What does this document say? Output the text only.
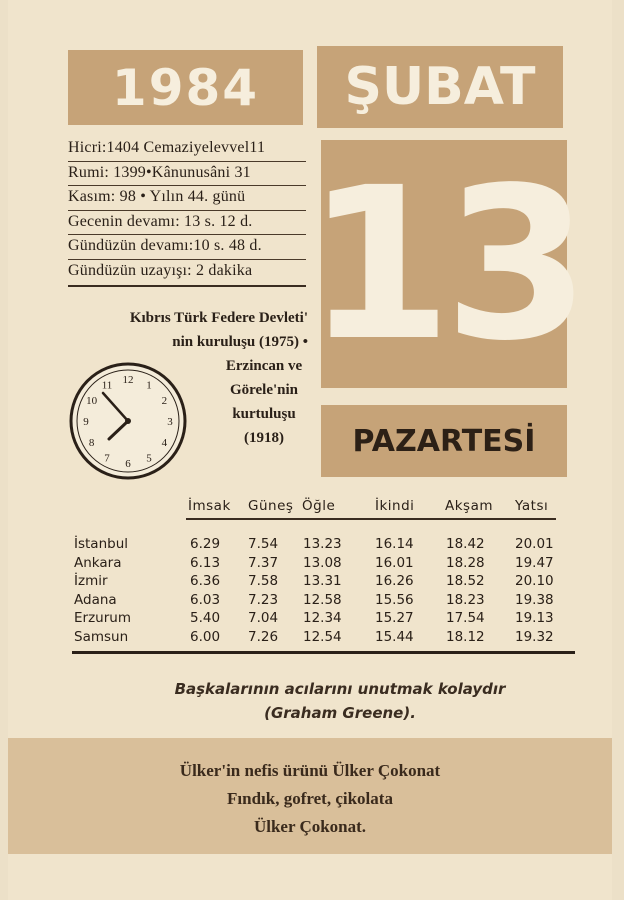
1984 ŞUBAT
13
PAZARTESİ
Hicri:1404 Cemaziyelevvel11
Rumi: 1399•Kânunusâni 31
Kasım: 98 • Yılın 44. günü
Gecenin devamı: 13 s. 12 d.
Gündüzün devamı:10 s. 48 d.
Gündüzün uzayışı: 2 dakika
Kıbrıs Türk Federe Devleti'
nin kuruluşu (1975) •
Erzincan ve
Görele'nin
kurtuluşu
(1918)
12 1
2
3
4
5
6
7
8
9
10
11
İmsak Güneş Öğle	İkindi Akşam Yatsı
İstanbul	6.29 7.54 13.23 16.14 18.42 20.01
Ankara	6.13 7.37 13.08 16.01 18.28 19.47
İzmir	6.36 7.58 13.31 16.26 18.52 20.10
Adana	6.03 7.23 12.58 15.56 18.23 19.38
Erzurum	5.40 7.04 12.34 15.27 17.54 19.13
Samsun	6.00 7.26 12.54 15.44 18.12 19.32
Başkalarının acılarını unutmak kolaydır
(Graham Greene).
Ülker'in nefis ürünü Ülker Çokonat
Fındık, gofret, çikolata
Ülker Çokonat.
